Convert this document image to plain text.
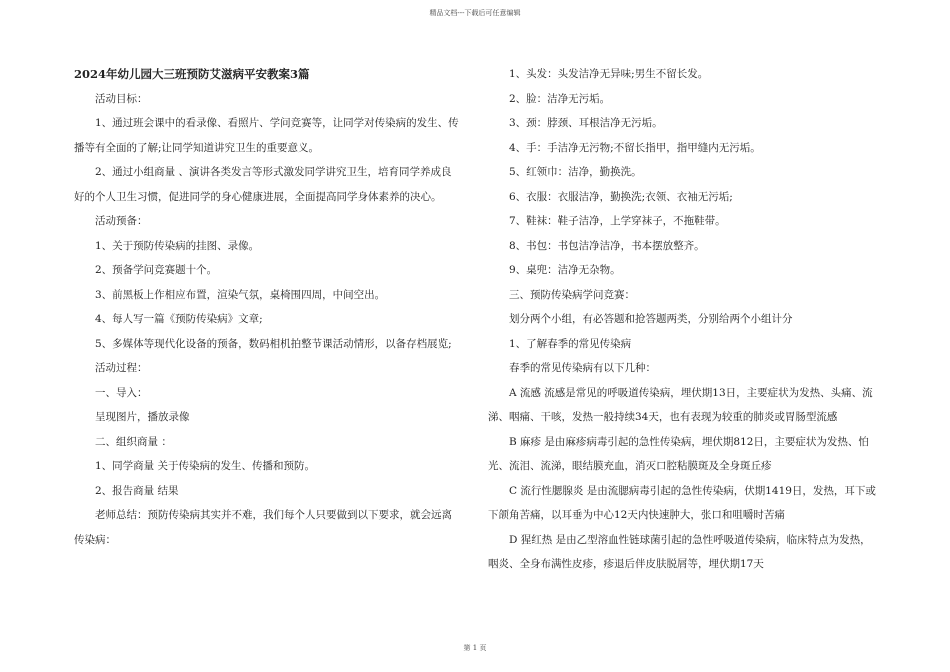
精品文档---下载后可任意编辑

2024年幼儿园大三班预防艾滋病平安教案3篇

活动目标：

1、通过班会课中的看录像、看照片、学问竞赛等，让同学对传染病的发生、传播等有全面的了解;让同学知道讲究卫生的重要意义。

2、通过小组商量 、演讲各类发言等形式激发同学讲究卫生，培育同学养成良好的个人卫生习惯，促进同学的身心健康进展，全面提高同学身体素养的决心。

活动预备：

1、关于预防传染病的挂图、录像。

2、预备学问竞赛题十个。

3、前黑板上作相应布置，渲染气氛，桌椅围四周，中间空出。

4、每人写一篇《预防传染病》文章;

5、多媒体等现代化设备的预备，数码相机拍整节课活动情形，以备存档展览;

活动过程：

一、导入：

呈现图片，播放录像

二、组织商量 ：

1、同学商量 关于传染病的发生、传播和预防。

2、报告商量 结果

老师总结：预防传染病其实并不难，我们每个人只要做到以下要求，就会远离传染病：

1、头发：头发洁净无异味;男生不留长发。

2、脸：洁净无污垢。

3、颈：脖颈、耳根洁净无污垢。

4、手：手洁净无污物;不留长指甲，指甲缝内无污垢。

5、红领巾：洁净，勤换洗。

6、衣服：衣服洁净，勤换洗;衣领、衣袖无污垢;

7、鞋袜：鞋子洁净，上学穿袜子，不拖鞋带。

8、书包：书包洁净洁净，书本摆放整齐。

9、桌兜：洁净无杂物。

三、预防传染病学问竞赛：

划分两个小组，有必答题和抢答题两类，分别给两个小组计分

1、了解春季的常见传染病

春季的常见传染病有以下几种：

A 流感 流感是常见的呼吸道传染病，埋伏期13日，主要症状为发热、头痛、流涕、咽痛、干咳，发热一般持续34天，也有表现为较重的肺炎或胃肠型流感

B 麻疹 是由麻疹病毒引起的急性传染病，埋伏期812日，主要症状为发热、怕光、流泪、流涕，眼结膜充血，消灭口腔粘膜斑及全身斑丘疹

C 流行性腮腺炎 是由流腮病毒引起的急性传染病，伏期1419日，发热，耳下或下颌角苦痛，以耳垂为中心12天内快速肿大，张口和咀嚼时苦痛

D 猩红热 是由乙型溶血性链球菌引起的急性呼吸道传染病，临床特点为发热，咽炎、全身布满性皮疹，疹退后伴皮肤脱屑等，埋伏期17天

第 1 页
